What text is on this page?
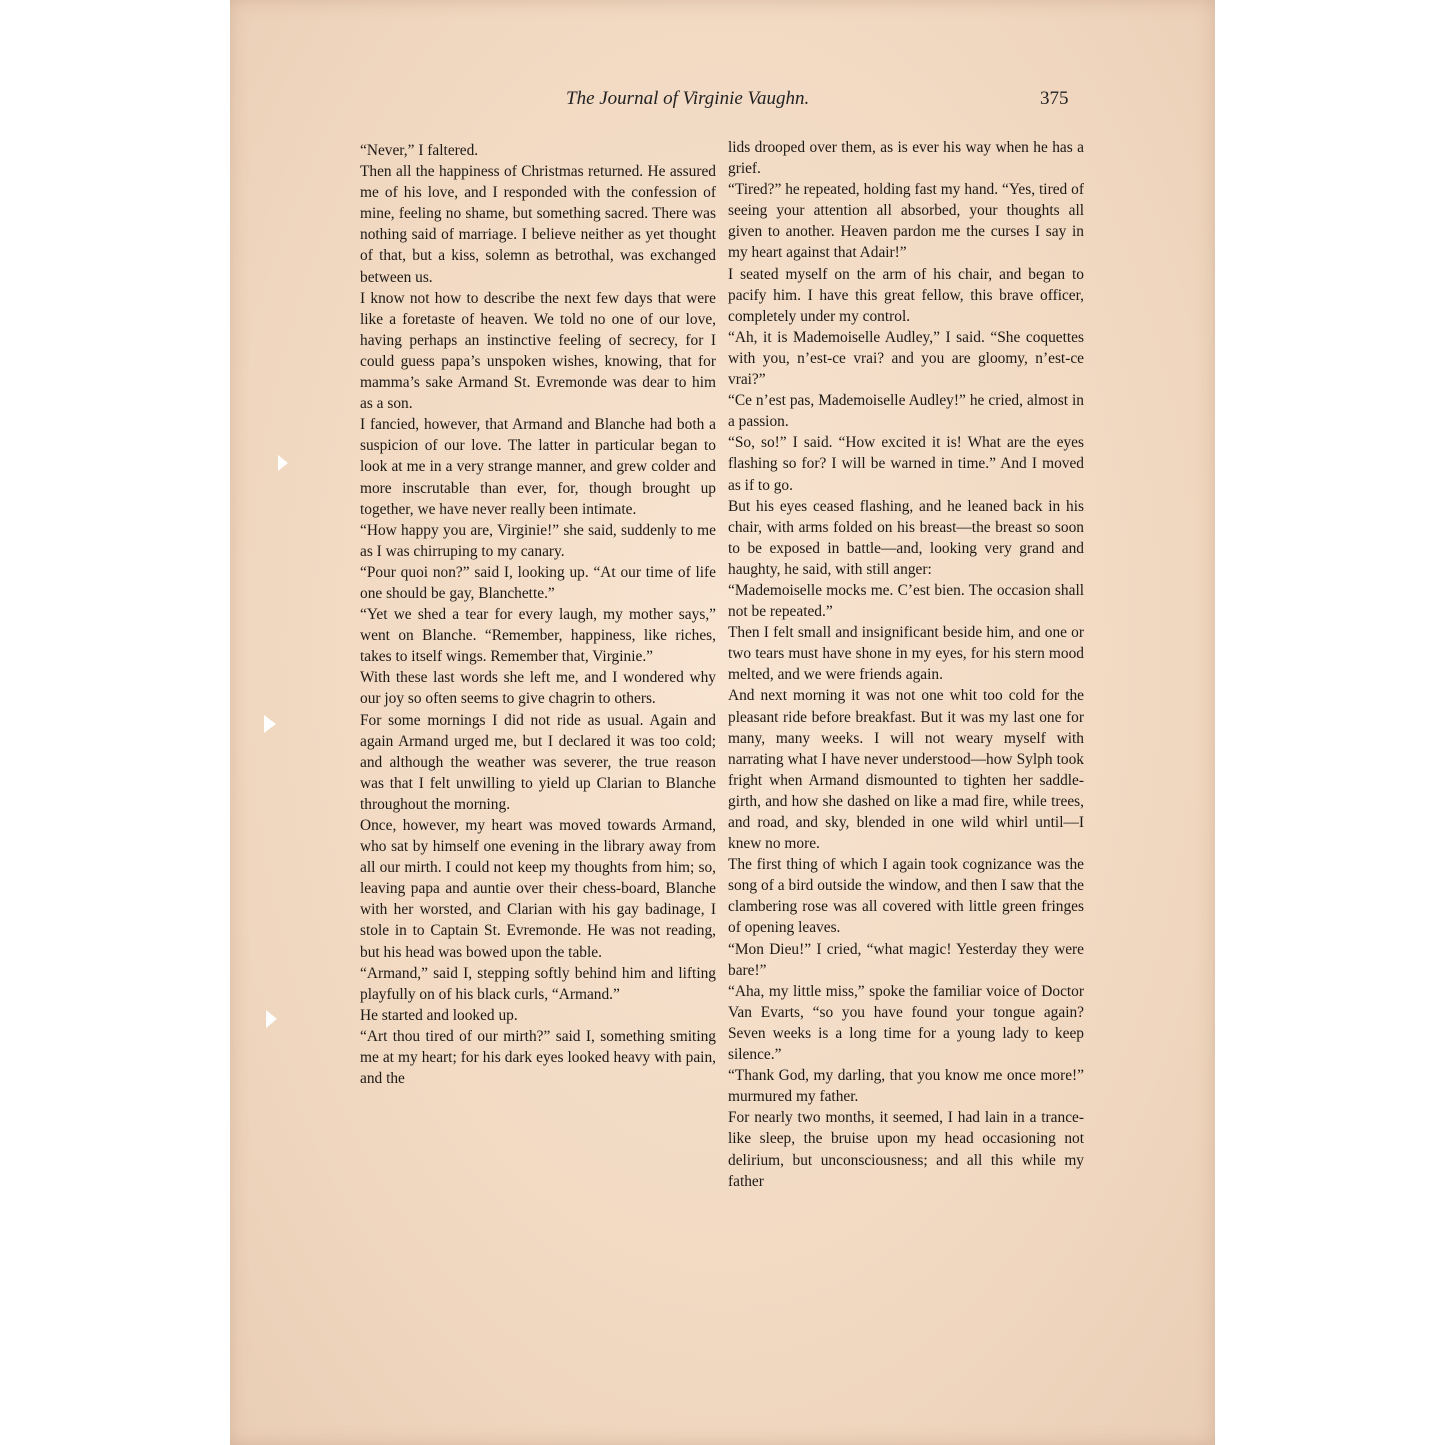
The Journal of Virginie Vaughn.	375

“Never,” I faltered.

Then all the happiness of Christmas returned. He assured me of his love, and I responded with the confession of mine, feeling no shame, but something sacred. There was nothing said of marriage. I believe neither as yet thought of that, but a kiss, solemn as betrothal, was exchanged between us.

I know not how to describe the next few days that were like a foretaste of heaven. We told no one of our love, having perhaps an instinctive feeling of secrecy, for I could guess papa’s unspoken wishes, knowing, that for mamma’s sake Armand St. Evremonde was dear to him as a son.

I fancied, however, that Armand and Blanche had both a suspicion of our love. The latter in particular began to look at me in a very strange manner, and grew colder and more inscrutable than ever, for, though brought up together, we have never really been intimate.

“How happy you are, Virginie!” she said, suddenly to me as I was chirruping to my canary.

“Pour quoi non?” said I, looking up. “At our time of life one should be gay, Blanchette.”

“Yet we shed a tear for every laugh, my mother says,” went on Blanche. “Remember, happiness, like riches, takes to itself wings. Remember that, Virginie.”

With these last words she left me, and I wondered why our joy so often seems to give chagrin to others.

For some mornings I did not ride as usual. Again and again Armand urged me, but I declared it was too cold; and although the weather was severer, the true reason was that I felt unwilling to yield up Clarian to Blanche throughout the morning.

Once, however, my heart was moved towards Armand, who sat by himself one evening in the library away from all our mirth. I could not keep my thoughts from him; so, leaving papa and auntie over their chess-board, Blanche with her worsted, and Clarian with his gay badinage, I stole in to Captain St. Evremonde. He was not reading, but his head was bowed upon the table.

“Armand,” said I, stepping softly behind him and lifting playfully on of his black curls, “Armand.”

He started and looked up.

“Art thou tired of our mirth?” said I, something smiting me at my heart; for his dark eyes looked heavy with pain, and the

lids drooped over them, as is ever his way when he has a grief.

“Tired?” he repeated, holding fast my hand. “Yes, tired of seeing your attention all absorbed, your thoughts all given to another. Heaven pardon me the curses I say in my heart against that Adair!”

I seated myself on the arm of his chair, and began to pacify him. I have this great fellow, this brave officer, completely under my control.

“Ah, it is Mademoiselle Audley,” I said. “She coquettes with you, n’est-ce vrai? and you are gloomy, n’est-ce vrai?”

“Ce n’est pas, Mademoiselle Audley!” he cried, almost in a passion.

“So, so!” I said. “How excited it is! What are the eyes flashing so for? I will be warned in time.” And I moved as if to go.

But his eyes ceased flashing, and he leaned back in his chair, with arms folded on his breast—the breast so soon to be exposed in battle—and, looking very grand and haughty, he said, with still anger:

“Mademoiselle mocks me. C’est bien. The occasion shall not be repeated.”

Then I felt small and insignificant beside him, and one or two tears must have shone in my eyes, for his stern mood melted, and we were friends again.

And next morning it was not one whit too cold for the pleasant ride before breakfast. But it was my last one for many, many weeks. I will not weary myself with narrating what I have never understood—how Sylph took fright when Armand dismounted to tighten her saddle-girth, and how she dashed on like a mad fire, while trees, and road, and sky, blended in one wild whirl until—I knew no more.

The first thing of which I again took cognizance was the song of a bird outside the window, and then I saw that the clambering rose was all covered with little green fringes of opening leaves.

“Mon Dieu!” I cried, “what magic! Yesterday they were bare!”

“Aha, my little miss,” spoke the familiar voice of Doctor Van Evarts, “so you have found your tongue again? Seven weeks is a long time for a young lady to keep silence.”

“Thank God, my darling, that you know me once more!” murmured my father.

For nearly two months, it seemed, I had lain in a trance-like sleep, the bruise upon my head occasioning not delirium, but unconsciousness; and all this while my father
